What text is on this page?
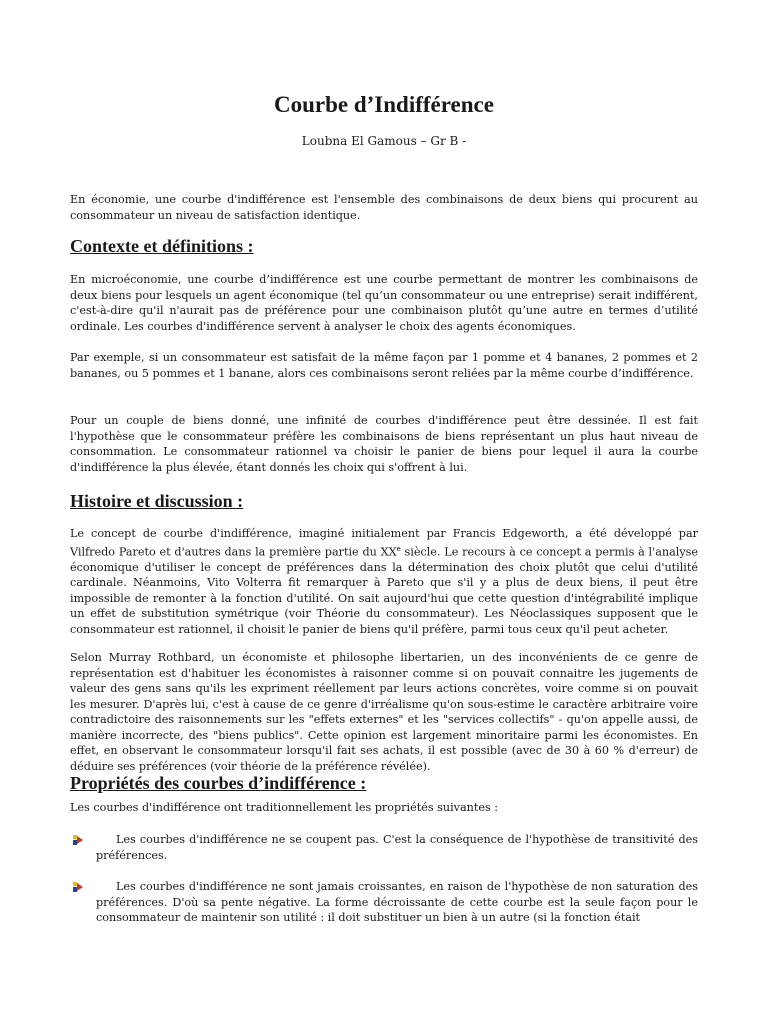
Courbe d’Indifférence
Loubna El Gamous – Gr B -

En économie, une courbe d'indifférence est l'ensemble des combinaisons de deux biens qui procurent au consommateur un niveau de satisfaction identique.

Contexte et définitions :

En microéconomie, une courbe d’indifférence est une courbe permettant de montrer les combinaisons de deux biens pour lesquels un agent économique (tel qu’un consommateur ou une entreprise) serait indifférent, c'est-à-dire qu'il n'aurait pas de préférence pour une combinaison plutôt qu’une autre en termes d’utilité ordinale. Les courbes d'indifférence servent à analyser le choix des agents économiques.

Par exemple, si un consommateur est satisfait de la même façon par 1 pomme et 4 bananes, 2 pommes et 2 bananes, ou 5 pommes et 1 banane, alors ces combinaisons seront reliées par la même courbe d’indifférence.

Pour un couple de biens donné, une infinité de courbes d'indifférence peut être dessinée. Il est fait l'hypothèse que le consommateur préfère les combinaisons de biens représentant un plus haut niveau de consommation. Le consommateur rationnel va choisir le panier de biens pour lequel il aura la courbe d'indifférence la plus élevée, étant donnés les choix qui s'offrent à lui.

Histoire et discussion :

Le concept de courbe d'indifférence, imaginé initialement par Francis Edgeworth, a été développé par Vilfredo Pareto et d'autres dans la première partie du XXe siècle. Le recours à ce concept a permis à l'analyse économique d'utiliser le concept de préférences dans la détermination des choix plutôt que celui d'utilité cardinale. Néanmoins, Vito Volterra fit remarquer à Pareto que s'il y a plus de deux biens, il peut être impossible de remonter à la fonction d'utilité. On sait aujourd'hui que cette question d'intégrabilité implique un effet de substitution symétrique (voir Théorie du consommateur). Les Néoclassiques supposent que le consommateur est rationnel, il choisit le panier de biens qu'il préfère, parmi tous ceux qu'il peut acheter.

Selon Murray Rothbard, un économiste et philosophe libertarien, un des inconvénients de ce genre de représentation est d'habituer les économistes à raisonner comme si on pouvait connaitre les jugements de valeur des gens sans qu'ils les expriment réellement par leurs actions concrètes, voire comme si on pouvait les mesurer. D'après lui, c'est à cause de ce genre d'irréalisme qu'on sous-estime le caractère arbitraire voire contradictoire des raisonnements sur les "effets externes" et les "services collectifs" - qu'on appelle aussi, de manière incorrecte, des "biens publics". Cette opinion est largement minoritaire parmi les économistes. En effet, en observant le consommateur lorsqu'il fait ses achats, il est possible (avec de 30 à 60 % d'erreur) de déduire ses préférences (voir théorie de la préférence révélée).

Propriétés des courbes d’indifférence :

Les courbes d'indifférence ont traditionnellement les propriétés suivantes :

Les courbes d'indifférence ne se coupent pas. C'est la conséquence de l'hypothèse de transitivité des préférences.
Les courbes d'indifférence ne sont jamais croissantes, en raison de l'hypothèse de non saturation des préférences. D'où sa pente négative. La forme décroissante de cette courbe est la seule façon pour le consommateur de maintenir son utilité : il doit substituer un bien à un autre (si la fonction était
